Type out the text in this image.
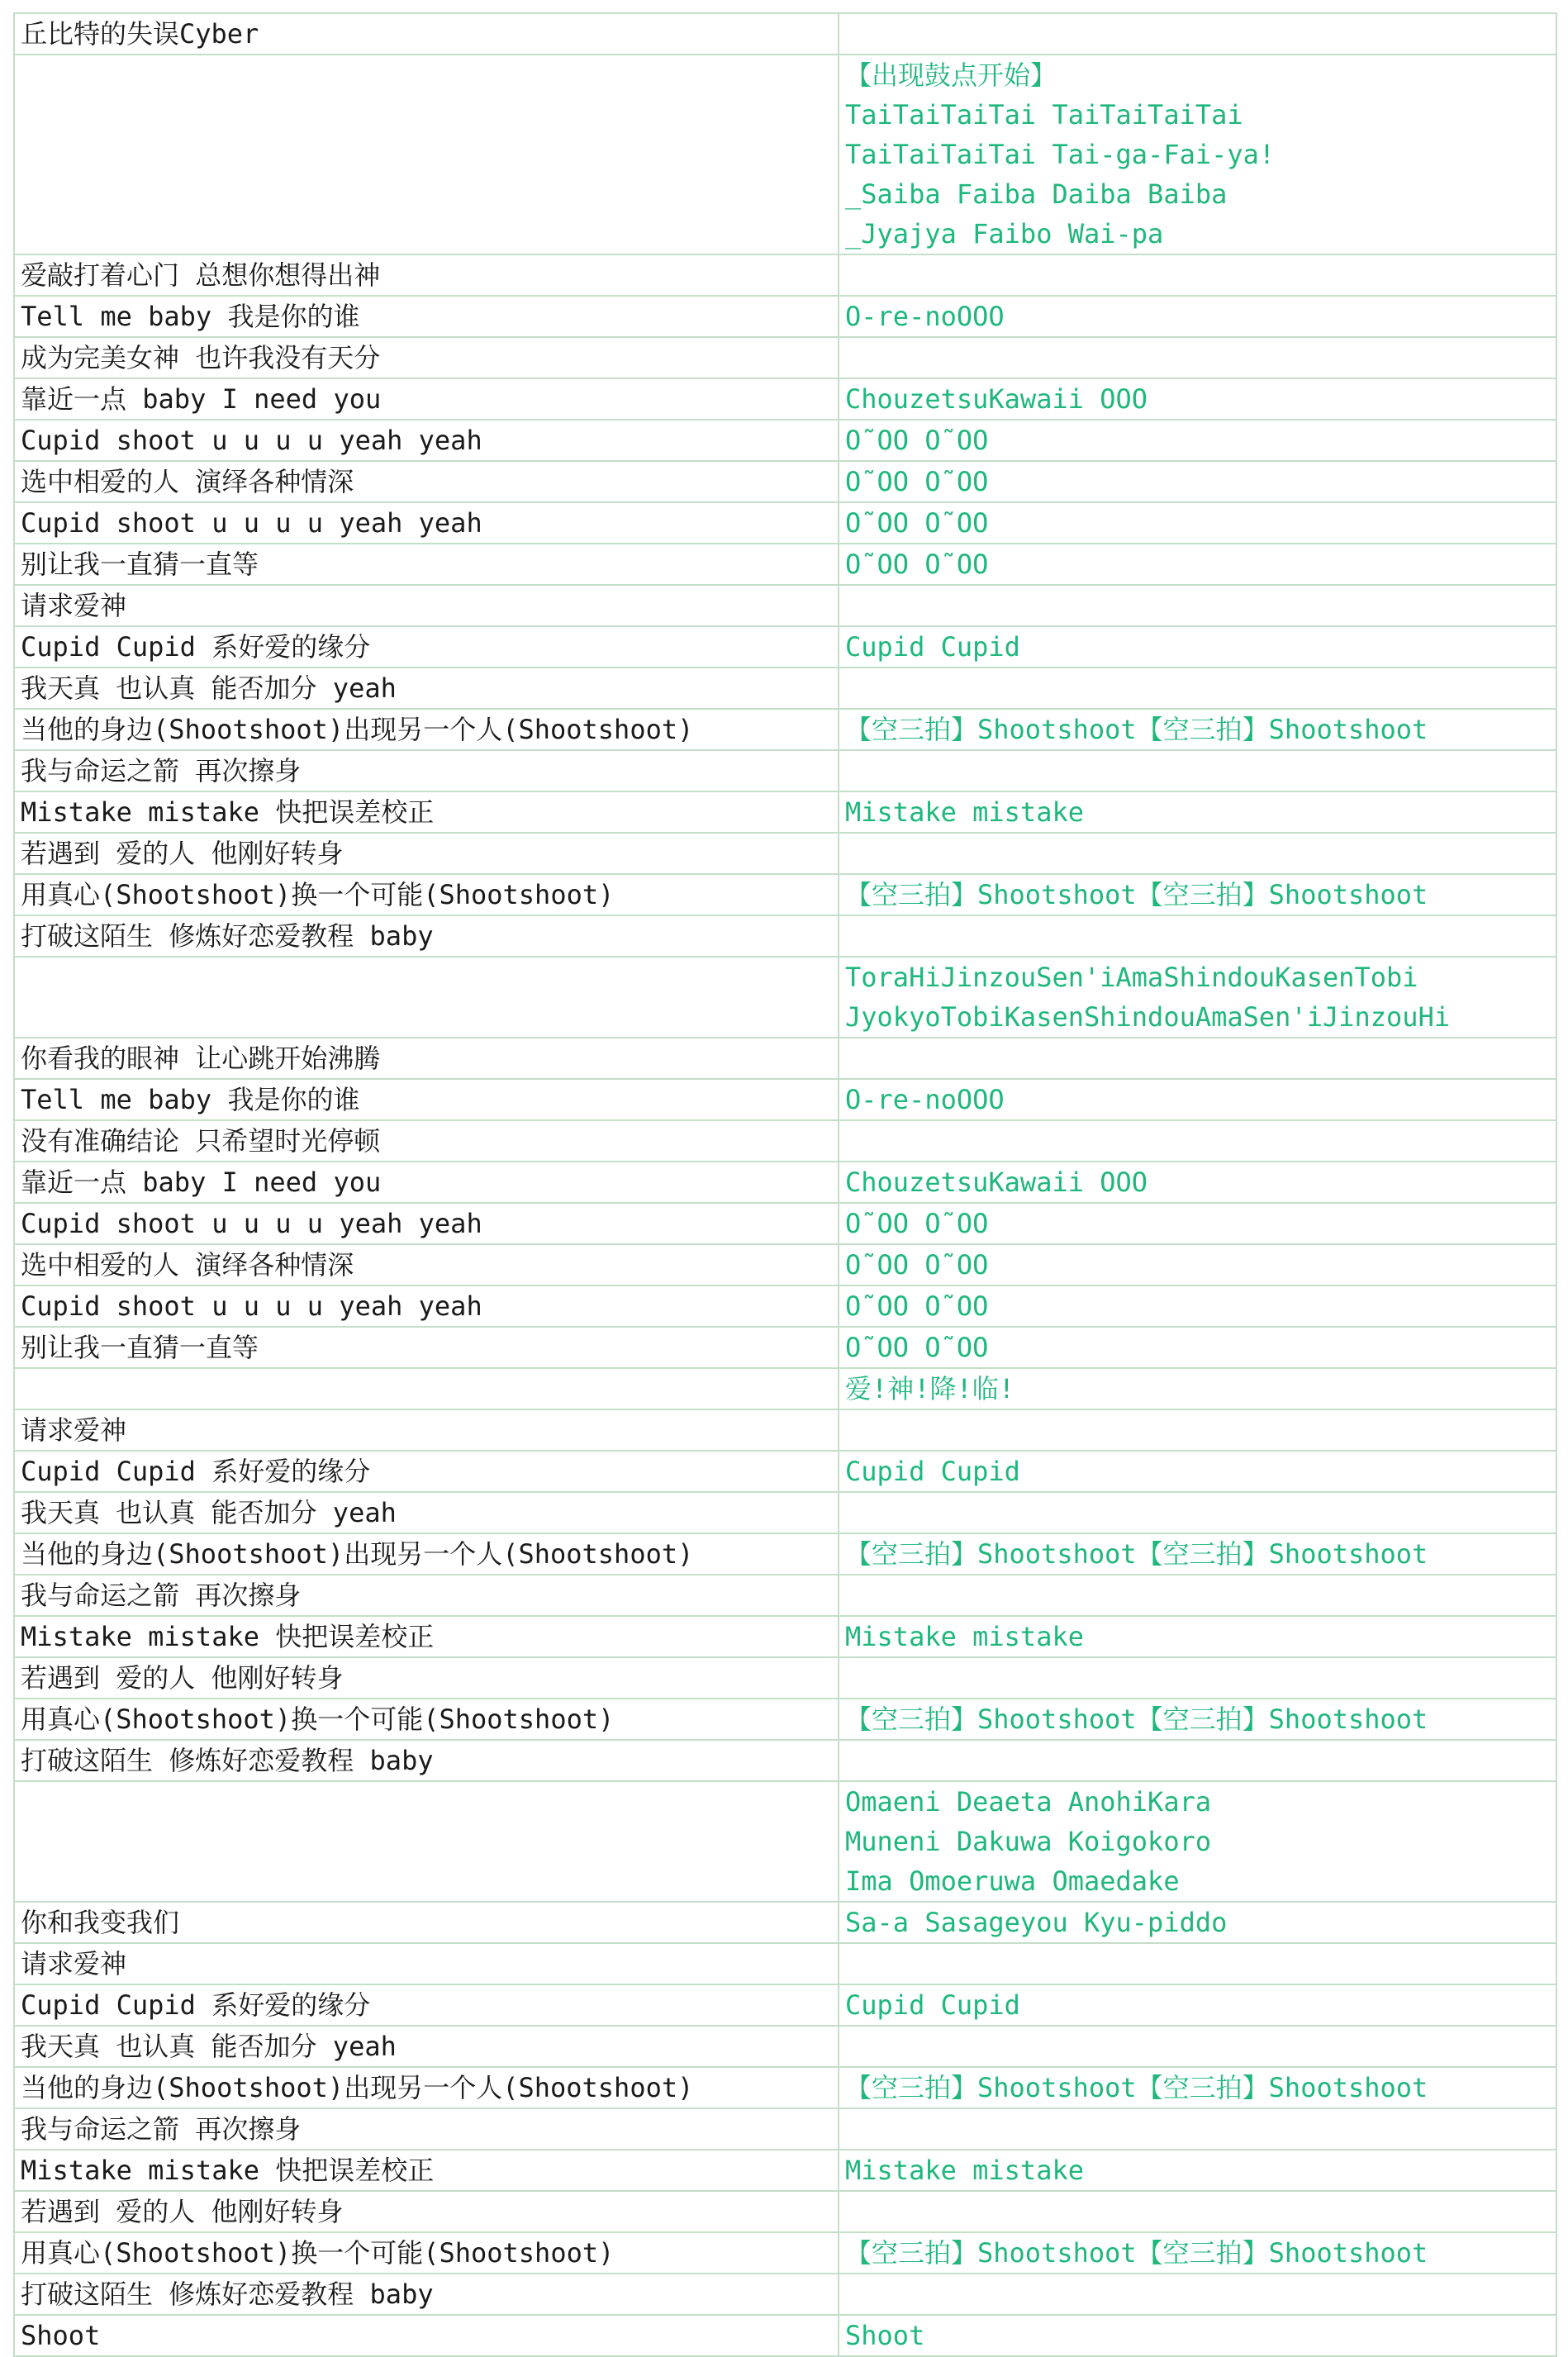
丘比特的失误Cyber	

	【出现鼓点开始】
TaiTaiTaiTai TaiTaiTaiTai
TaiTaiTaiTai Tai-ga-Fai-ya!
_Saiba Faiba Daiba Baiba
_Jyajya Faibo Wai-pa

爱敲打着心门 总想你想得出神	
Tell me baby 我是你的谁	O-re-noOOO
成为完美女神 也许我没有天分	
靠近一点 baby I need you	ChouzetsuKawaii OOO
Cupid shoot u u u u yeah yeah	O˜OO O˜OO
选中相爱的人 演绎各种情深	O˜OO O˜OO
Cupid shoot u u u u yeah yeah	O˜OO O˜OO
别让我一直猜一直等	O˜OO O˜OO
请求爱神	
Cupid Cupid 系好爱的缘分	Cupid Cupid
我天真 也认真 能否加分 yeah	
当他的身边(Shootshoot)出现另一个人(Shootshoot)	【空三拍】Shootshoot【空三拍】Shootshoot
我与命运之箭 再次擦身	
Mistake mistake 快把误差校正	Mistake mistake
若遇到 爱的人 他刚好转身	
用真心(Shootshoot)换一个可能(Shootshoot)	【空三拍】Shootshoot【空三拍】Shootshoot
打破这陌生 修炼好恋爱教程 baby	

	ToraHiJinzouSen'iAmaShindouKasenTobi
JyokyoTobiKasenShindouAmaSen'iJinzouHi

你看我的眼神 让心跳开始沸腾	
Tell me baby 我是你的谁	O-re-noOOO
没有准确结论 只希望时光停顿	
靠近一点 baby I need you	ChouzetsuKawaii OOO
Cupid shoot u u u u yeah yeah	O˜OO O˜OO
选中相爱的人 演绎各种情深	O˜OO O˜OO
Cupid shoot u u u u yeah yeah	O˜OO O˜OO
别让我一直猜一直等	O˜OO O˜OO
	爱!神!降!临!
请求爱神	
Cupid Cupid 系好爱的缘分	Cupid Cupid
我天真 也认真 能否加分 yeah	
当他的身边(Shootshoot)出现另一个人(Shootshoot)	【空三拍】Shootshoot【空三拍】Shootshoot
我与命运之箭 再次擦身	
Mistake mistake 快把误差校正	Mistake mistake
若遇到 爱的人 他刚好转身	
用真心(Shootshoot)换一个可能(Shootshoot)	【空三拍】Shootshoot【空三拍】Shootshoot
打破这陌生 修炼好恋爱教程 baby	

	Omaeni Deaeta AnohiKara
Muneni Dakuwa Koigokoro
Ima Omoeruwa Omaedake

你和我变我们	Sa-a Sasageyou Kyu-piddo
请求爱神	
Cupid Cupid 系好爱的缘分	Cupid Cupid
我天真 也认真 能否加分 yeah	
当他的身边(Shootshoot)出现另一个人(Shootshoot)	【空三拍】Shootshoot【空三拍】Shootshoot
我与命运之箭 再次擦身	
Mistake mistake 快把误差校正	Mistake mistake
若遇到 爱的人 他刚好转身	
用真心(Shootshoot)换一个可能(Shootshoot)	【空三拍】Shootshoot【空三拍】Shootshoot
打破这陌生 修炼好恋爱教程 baby	
Shoot	Shoot
